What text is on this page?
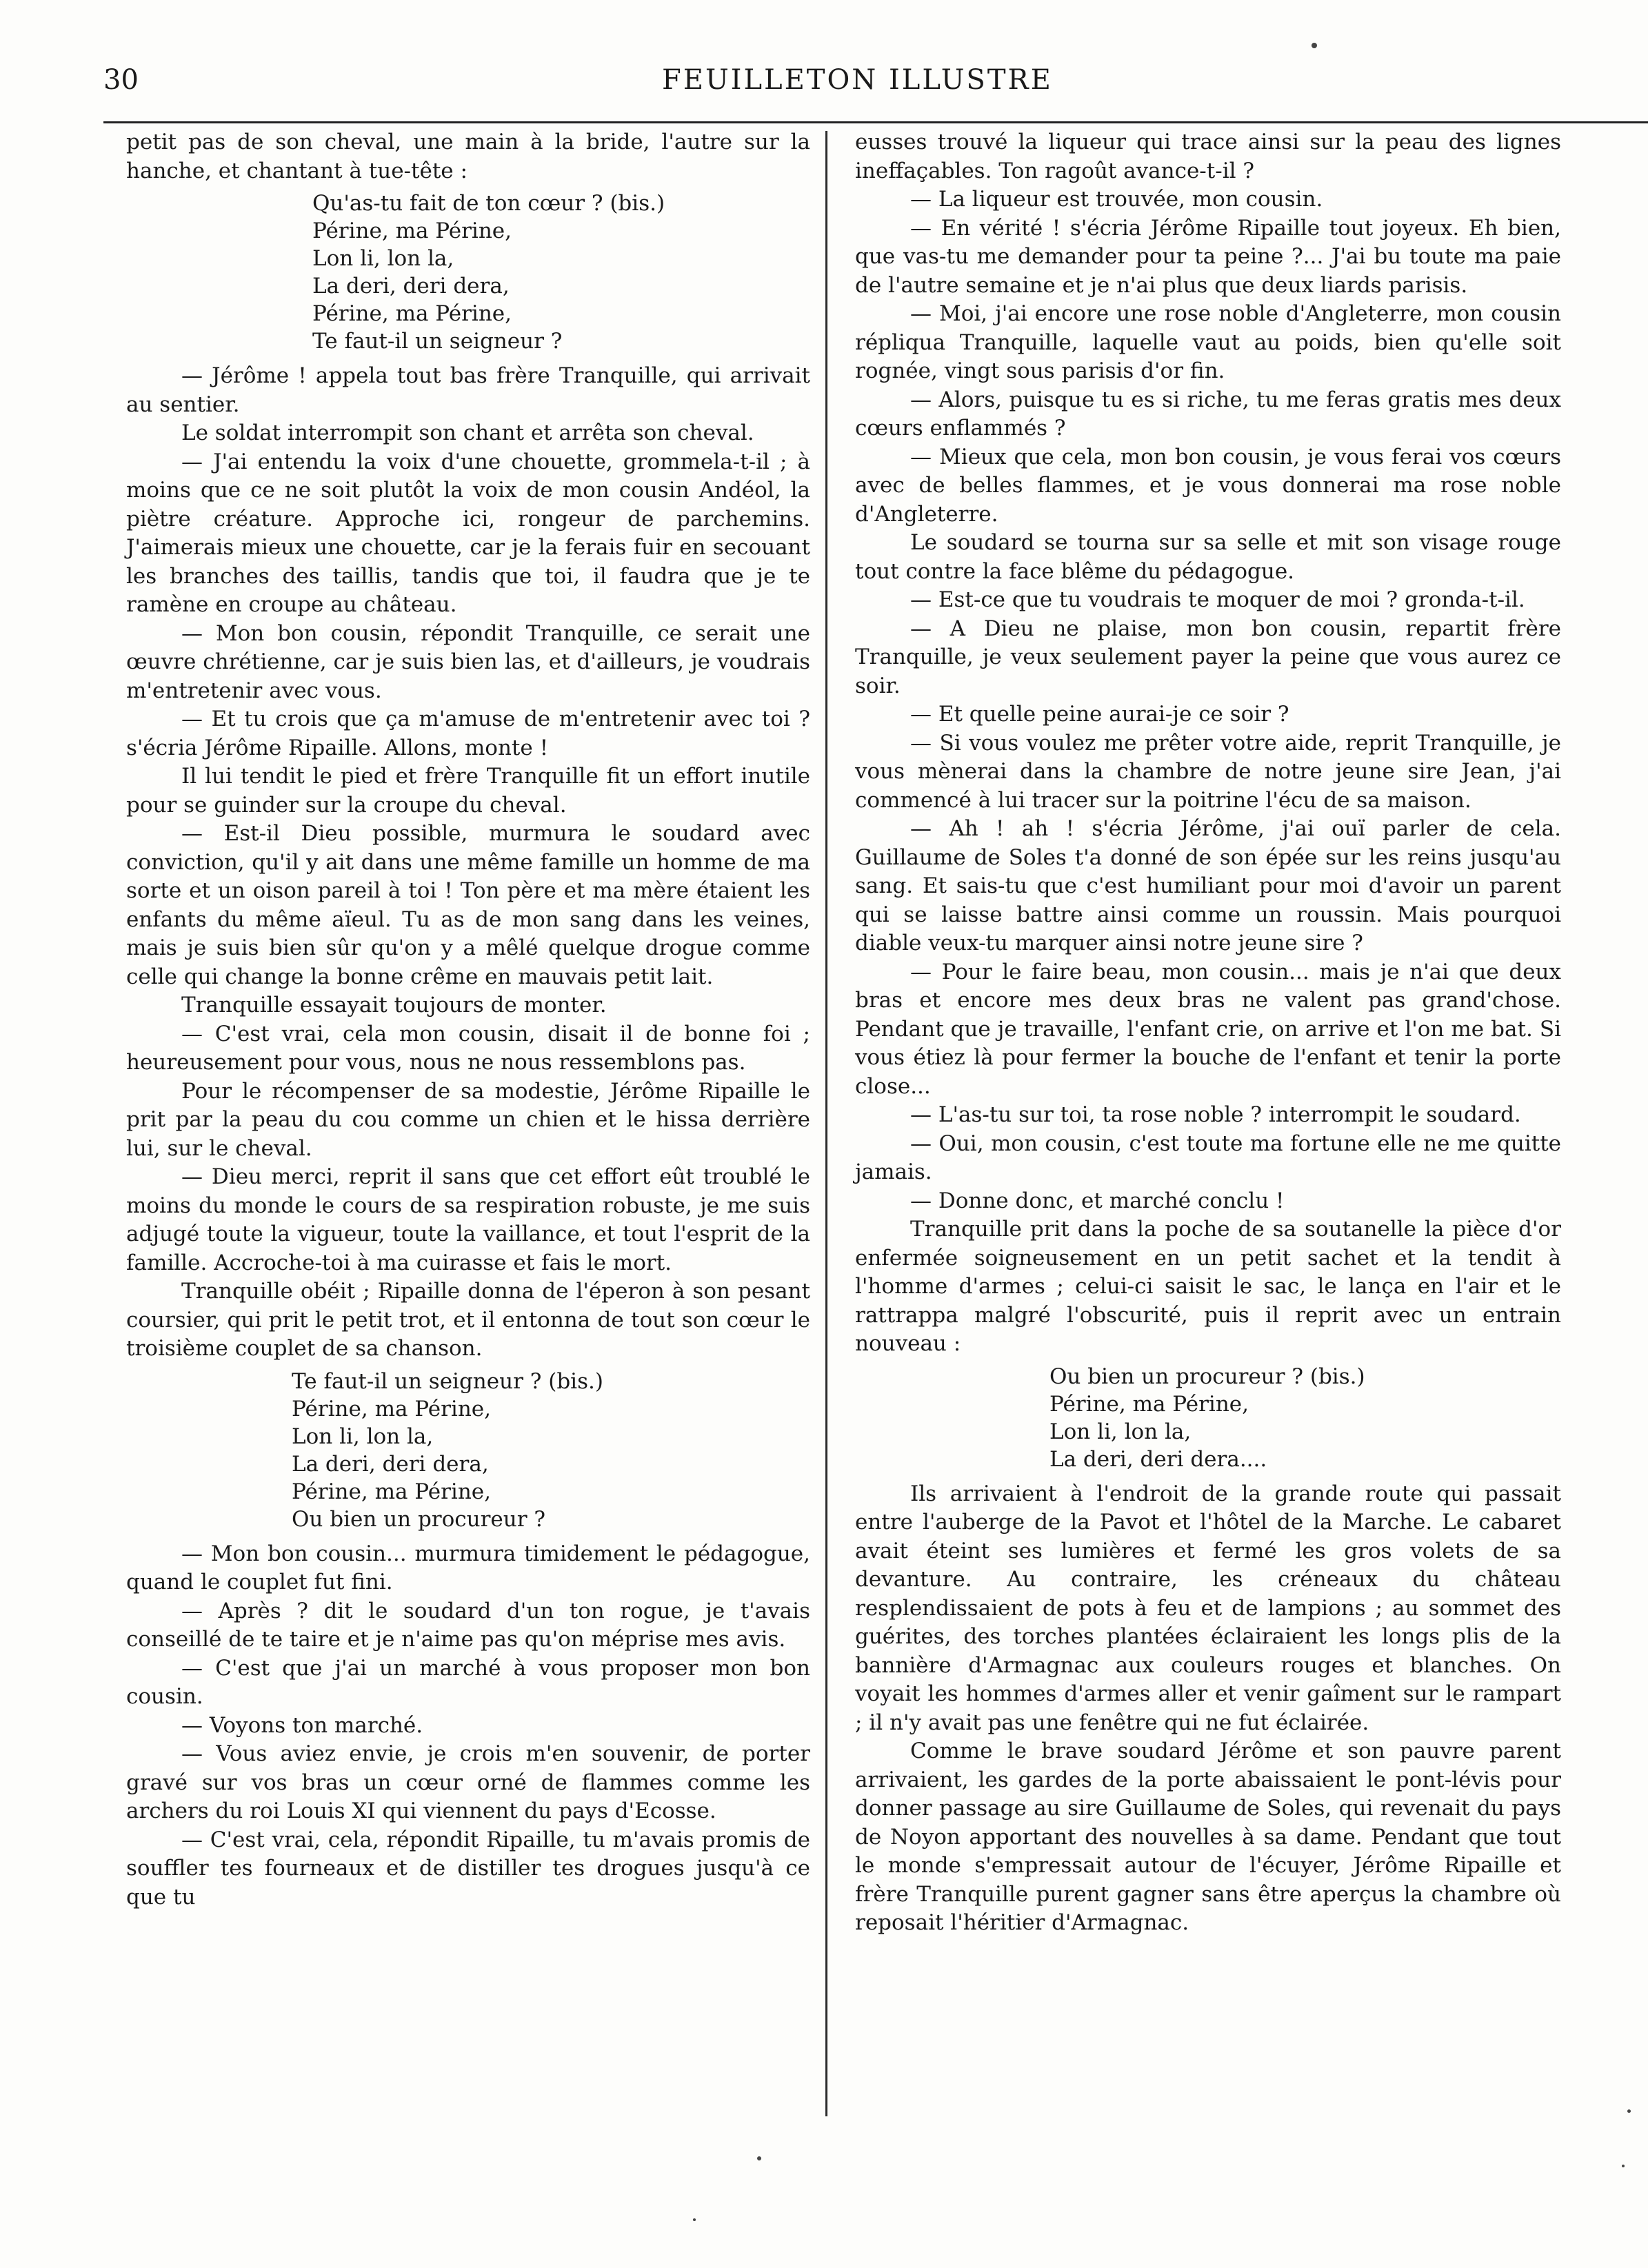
30	FEUILLETON ILLUSTRE

petit pas de son cheval, une main à la bride, l'autre sur la hanche, et chantant à tue-tête :

Qu'as-tu fait de ton cœur ? (bis.)
Périne, ma Périne,
Lon li, lon la,
La deri, deri dera,
Périne, ma Périne,
Te faut-il un seigneur ?

— Jérôme ! appela tout bas frère Tranquille, qui arrivait au sentier.

Le soldat interrompit son chant et arrêta son cheval.

— J'ai entendu la voix d'une chouette, grommela-t-il ; à moins que ce ne soit plutôt la voix de mon cousin Andéol, la piètre créature. Approche ici, rongeur de parchemins. J'aimerais mieux une chouette, car je la ferais fuir en secouant les branches des taillis, tandis que toi, il faudra que je te ramène en croupe au château.

— Mon bon cousin, répondit Tranquille, ce serait une œuvre chrétienne, car je suis bien las, et d'ailleurs, je voudrais m'entretenir avec vous.

— Et tu crois que ça m'amuse de m'entretenir avec toi ? s'écria Jérôme Ripaille. Allons, monte !

Il lui tendit le pied et frère Tranquille fit un effort inutile pour se guinder sur la croupe du cheval.

— Est-il Dieu possible, murmura le soudard avec conviction, qu'il y ait dans une même famille un homme de ma sorte et un oison pareil à toi ! Ton père et ma mère étaient les enfants du même aïeul. Tu as de mon sang dans les veines, mais je suis bien sûr qu'on y a mêlé quelque drogue comme celle qui change la bonne crême en mauvais petit lait.

Tranquille essayait toujours de monter.

— C'est vrai, cela mon cousin, disait il de bonne foi ; heureusement pour vous, nous ne nous ressemblons pas.

Pour le récompenser de sa modestie, Jérôme Ripaille le prit par la peau du cou comme un chien et le hissa derrière lui, sur le cheval.

— Dieu merci, reprit il sans que cet effort eût troublé le moins du monde le cours de sa respiration robuste, je me suis adjugé toute la vigueur, toute la vaillance, et tout l'esprit de la famille. Accroche-toi à ma cuirasse et fais le mort.

Tranquille obéit ; Ripaille donna de l'éperon à son pesant coursier, qui prit le petit trot, et il entonna de tout son cœur le troisième couplet de sa chanson.

Te faut-il un seigneur ? (bis.)
Périne, ma Périne,
Lon li, lon la,
La deri, deri dera,
Périne, ma Périne,
Ou bien un procureur ?

— Mon bon cousin... murmura timidement le pédagogue, quand le couplet fut fini.

— Après ? dit le soudard d'un ton rogue, je t'avais conseillé de te taire et je n'aime pas qu'on méprise mes avis.

— C'est que j'ai un marché à vous proposer mon bon cousin.

— Voyons ton marché.

— Vous aviez envie, je crois m'en souvenir, de porter gravé sur vos bras un cœur orné de flammes comme les archers du roi Louis XI qui viennent du pays d'Ecosse.

— C'est vrai, cela, répondit Ripaille, tu m'avais promis de souffler tes fourneaux et de distiller tes drogues jusqu'à ce que tu

eusses trouvé la liqueur qui trace ainsi sur la peau des lignes ineffaçables. Ton ragoût avance-t-il ?

— La liqueur est trouvée, mon cousin.

— En vérité ! s'écria Jérôme Ripaille tout joyeux. Eh bien, que vas-tu me demander pour ta peine ?... J'ai bu toute ma paie de l'autre semaine et je n'ai plus que deux liards parisis.

— Moi, j'ai encore une rose noble d'Angleterre, mon cousin répliqua Tranquille, laquelle vaut au poids, bien qu'elle soit rognée, vingt sous parisis d'or fin.

— Alors, puisque tu es si riche, tu me feras gratis mes deux cœurs enflammés ?

— Mieux que cela, mon bon cousin, je vous ferai vos cœurs avec de belles flammes, et je vous donnerai ma rose noble d'Angleterre.

Le soudard se tourna sur sa selle et mit son visage rouge tout contre la face blême du pédagogue.

— Est-ce que tu voudrais te moquer de moi ? gronda-t-il.

— A Dieu ne plaise, mon bon cousin, repartit frère Tranquille, je veux seulement payer la peine que vous aurez ce soir.

— Et quelle peine aurai-je ce soir ?

— Si vous voulez me prêter votre aide, reprit Tranquille, je vous mènerai dans la chambre de notre jeune sire Jean, j'ai commencé à lui tracer sur la poitrine l'écu de sa maison.

— Ah ! ah ! s'écria Jérôme, j'ai ouï parler de cela. Guillaume de Soles t'a donné de son épée sur les reins jusqu'au sang. Et sais-tu que c'est humiliant pour moi d'avoir un parent qui se laisse battre ainsi comme un roussin. Mais pourquoi diable veux-tu marquer ainsi notre jeune sire ?

— Pour le faire beau, mon cousin... mais je n'ai que deux bras et encore mes deux bras ne valent pas grand'chose. Pendant que je travaille, l'enfant crie, on arrive et l'on me bat. Si vous étiez là pour fermer la bouche de l'enfant et tenir la porte close...

— L'as-tu sur toi, ta rose noble ? interrompit le soudard.

— Oui, mon cousin, c'est toute ma fortune elle ne me quitte jamais.

— Donne donc, et marché conclu !

Tranquille prit dans la poche de sa soutanelle la pièce d'or enfermée soigneusement en un petit sachet et la tendit à l'homme d'armes ; celui-ci saisit le sac, le lança en l'air et le rattrappa malgré l'obscurité, puis il reprit avec un entrain nouveau :

Ou bien un procureur ? (bis.)
Périne, ma Périne,
Lon li, lon la,
La deri, deri dera....

Ils arrivaient à l'endroit de la grande route qui passait entre l'auberge de la Pavot et l'hôtel de la Marche. Le cabaret avait éteint ses lumières et fermé les gros volets de sa devanture. Au contraire, les créneaux du château resplendissaient de pots à feu et de lampions ; au sommet des guérites, des torches plantées éclairaient les longs plis de la bannière d'Armagnac aux couleurs rouges et blanches. On voyait les hommes d'armes aller et venir gaîment sur le rampart ; il n'y avait pas une fenêtre qui ne fut éclairée.

Comme le brave soudard Jérôme et son pauvre parent arrivaient, les gardes de la porte abaissaient le pont-lévis pour donner passage au sire Guillaume de Soles, qui revenait du pays de Noyon apportant des nouvelles à sa dame. Pendant que tout le monde s'empressait autour de l'écuyer, Jérôme Ripaille et frère Tranquille purent gagner sans être aperçus la chambre où reposait l'héritier d'Armagnac.
